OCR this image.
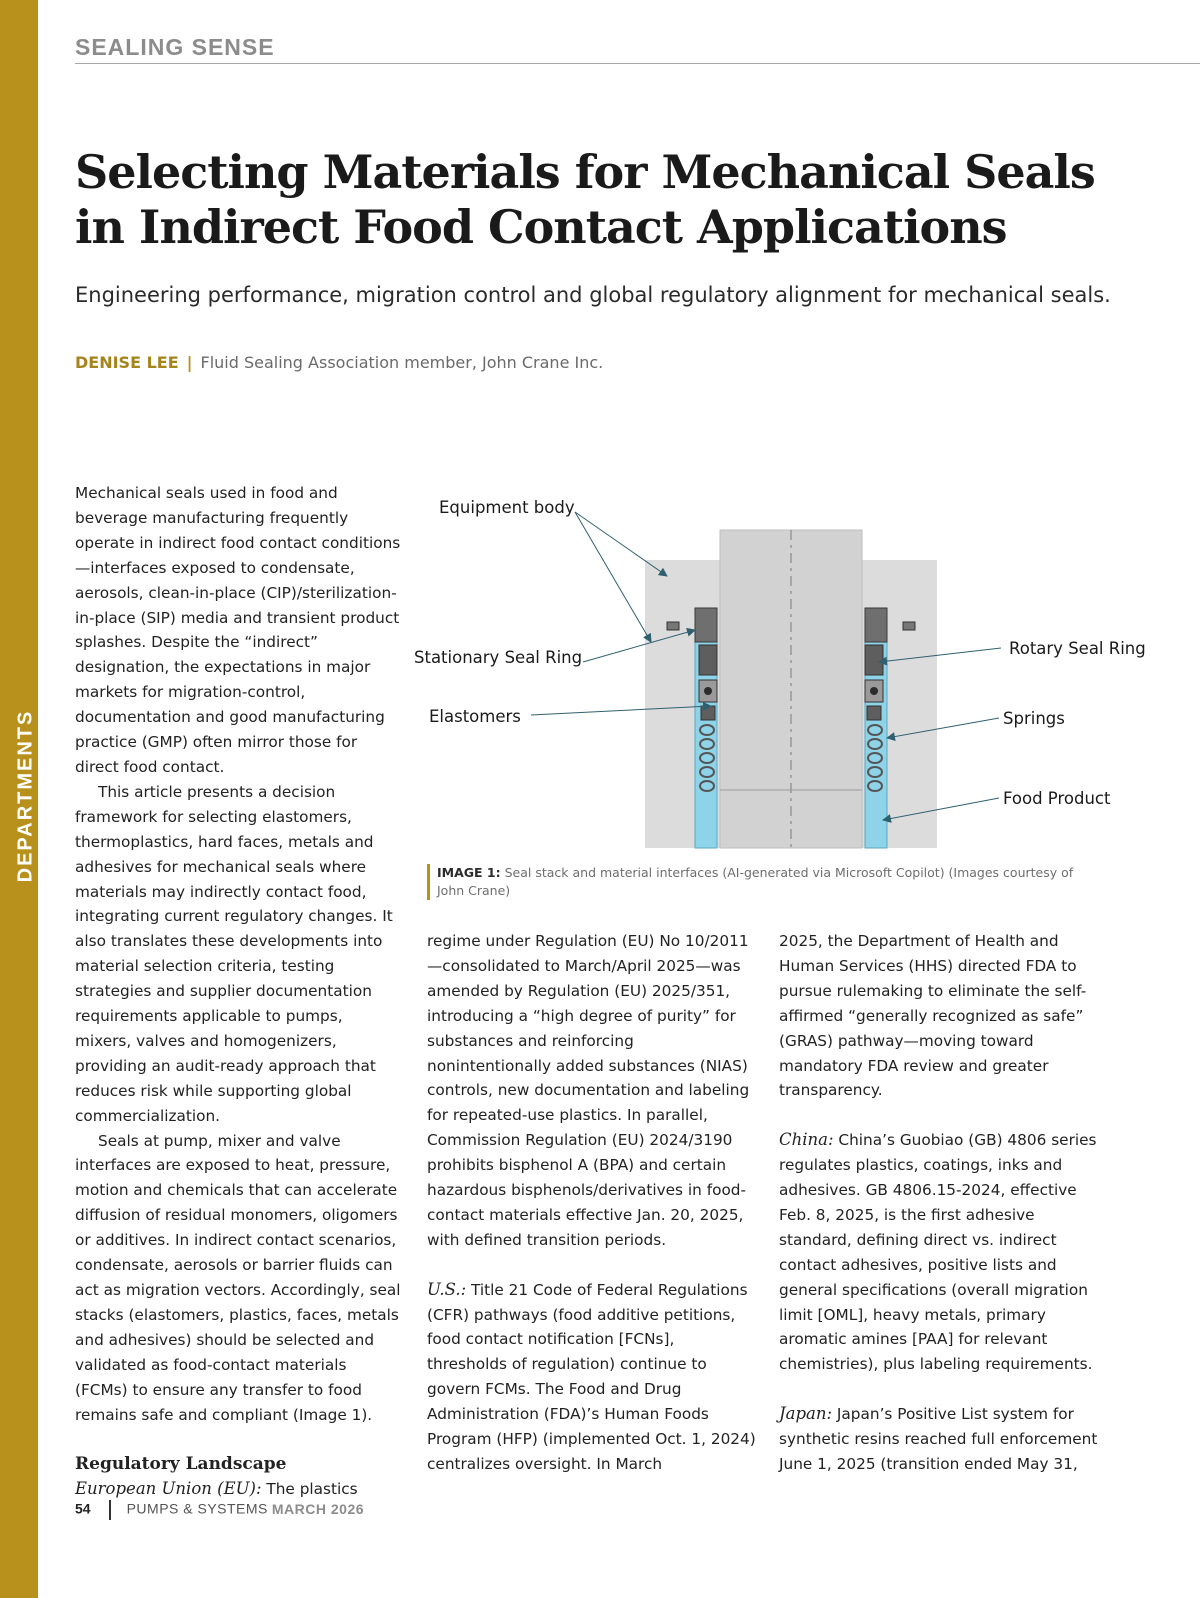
DEPARTMENTS
SEALING SENSE
Selecting Materials for Mechanical Seals in Indirect Food Contact Applications

Engineering performance, migration control and global regulatory alignment for mechanical seals.

DENISE LEE | Fluid Sealing Association member, John Crane Inc.

Mechanical seals used in food and beverage manufacturing frequently operate in indirect food contact conditions—interfaces exposed to condensate, aerosols, clean-in-place (CIP)/sterilization-in-place (SIP) media and transient product splashes. Despite the “indirect” designation, the expectations in major markets for migration-control, documentation and good manufacturing practice (GMP) often mirror those for direct food contact.

This article presents a decision framework for selecting elastomers, thermoplastics, hard faces, metals and adhesives for mechanical seals where materials may indirectly contact food, integrating current regulatory changes. It also translates these developments into material selection criteria, testing strategies and supplier documentation requirements applicable to pumps, mixers, valves and homogenizers, providing an audit-ready approach that reduces risk while supporting global commercialization.

Seals at pump, mixer and valve interfaces are exposed to heat, pressure, motion and chemicals that can accelerate diffusion of residual monomers, oligomers or additives. In indirect contact scenarios, condensate, aerosols or barrier fluids can act as migration vectors. Accordingly, seal stacks (elastomers, plastics, faces, metals and adhesives) should be selected and validated as food-contact materials (FCMs) to ensure any transfer to food remains safe and compliant (Image 1).

Regulatory Landscape

European Union (EU): The plastics

Equipment body
Stationary Seal Ring
Elastomers
Rotary Seal Ring
Springs
Food Product
IMAGE 1: Seal stack and material interfaces (AI-generated via Microsoft Copilot) (Images courtesy of John Crane)

regime under Regulation (EU) No 10/2011—consolidated to March/April 2025—was amended by Regulation (EU) 2025/351, introducing a “high degree of purity” for substances and reinforcing nonintentionally added substances (NIAS) controls, new documentation and labeling for repeated-use plastics. In parallel, Commission Regulation (EU) 2024/3190 prohibits bisphenol A (BPA) and certain hazardous bisphenols/derivatives in food-contact materials effective Jan. 20, 2025, with defined transition periods.

U.S.: Title 21 Code of Federal Regulations (CFR) pathways (food additive petitions, food contact notification [FCNs], thresholds of regulation) continue to govern FCMs. The Food and Drug Administration (FDA)’s Human Foods Program (HFP) (implemented Oct. 1, 2024) centralizes oversight. In March

2025, the Department of Health and Human Services (HHS) directed FDA to pursue rulemaking to eliminate the self-affirmed “generally recognized as safe” (GRAS) pathway—moving toward mandatory FDA review and greater transparency.

China: China’s Guobiao (GB) 4806 series regulates plastics, coatings, inks and adhesives. GB 4806.15-2024, effective Feb. 8, 2025, is the first adhesive standard, defining direct vs. indirect contact adhesives, positive lists and general specifications (overall migration limit [OML], heavy metals, primary aromatic amines [PAA] for relevant chemistries), plus labeling requirements.

Japan: Japan’s Positive List system for synthetic resins reached full enforcement June 1, 2025 (transition ended May 31,

54	PUMPS & SYSTEMS MARCH 2026
